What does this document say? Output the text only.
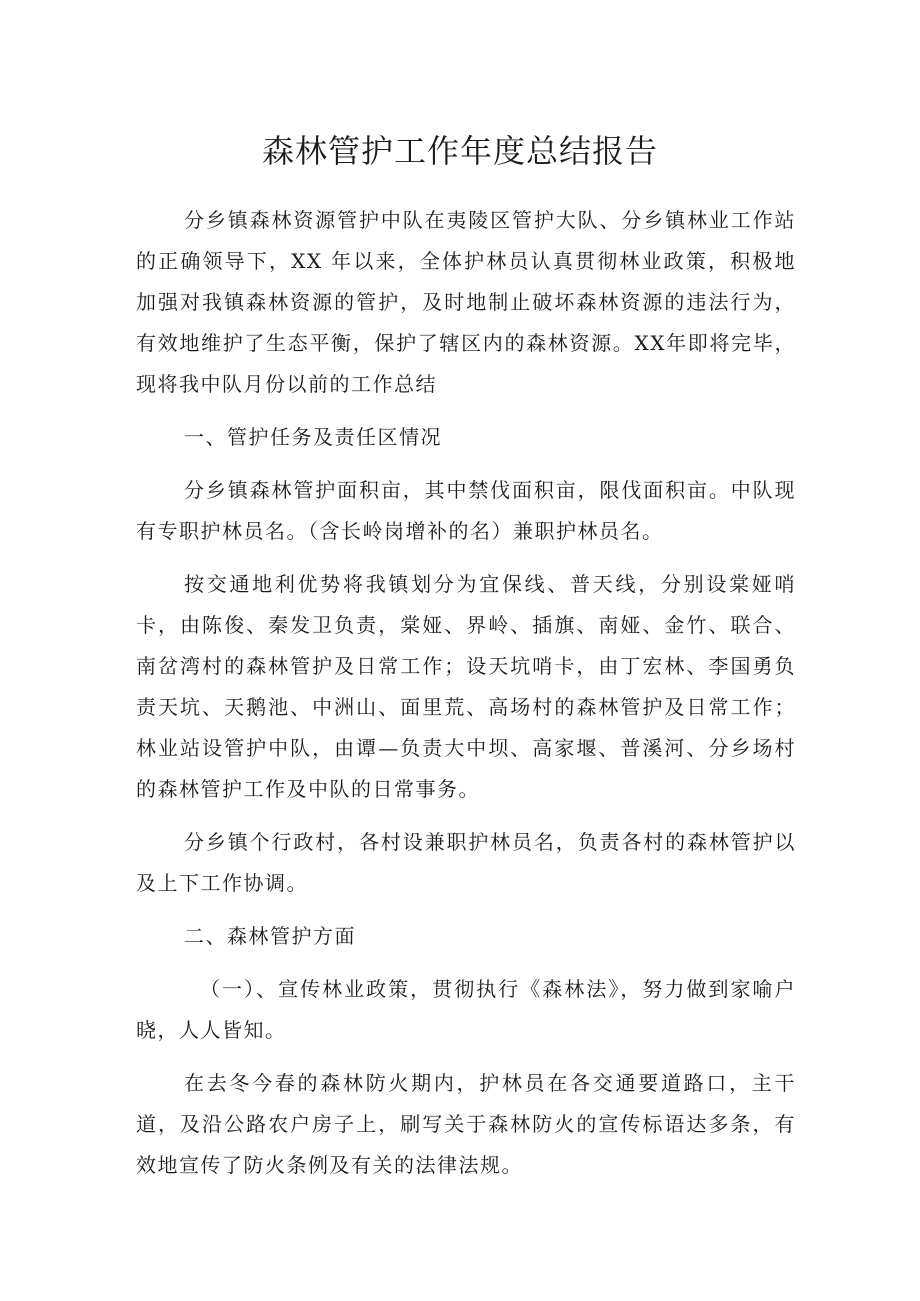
森林管护工作年度总结报告

分乡镇森林资源管护中队在夷陵区管护大队、分乡镇林业工作站的正确领导下，XX 年以来，全体护林员认真贯彻林业政策，积极地加强对我镇森林资源的管护，及时地制止破坏森林资源的违法行为，有效地维护了生态平衡，保护了辖区内的森林资源。XX年即将完毕，现将我中队月份以前的工作总结

一、管护任务及责任区情况

分乡镇森林管护面积亩，其中禁伐面积亩，限伐面积亩。中队现有专职护林员名。（含长岭岗增补的名）兼职护林员名。

按交通地利优势将我镇划分为宜保线、普天线，分别设棠娅哨卡，由陈俊、秦发卫负责，棠娅、界岭、插旗、南娅、金竹、联合、南岔湾村的森林管护及日常工作；设天坑哨卡，由丁宏林、李国勇负责天坑、天鹅池、中洲山、面里荒、高场村的森林管护及日常工作；林业站设管护中队，由谭—负责大中坝、高家堰、普溪河、分乡场村的森林管护工作及中队的日常事务。

分乡镇个行政村，各村设兼职护林员名，负责各村的森林管护以及上下工作协调。

二、森林管护方面

（一）、宣传林业政策，贯彻执行《森林法》，努力做到家喻户晓，人人皆知。

在去冬今春的森林防火期内，护林员在各交通要道路口，主干道，及沿公路农户房子上，刷写关于森林防火的宣传标语达多条，有效地宣传了防火条例及有关的法律法规。
